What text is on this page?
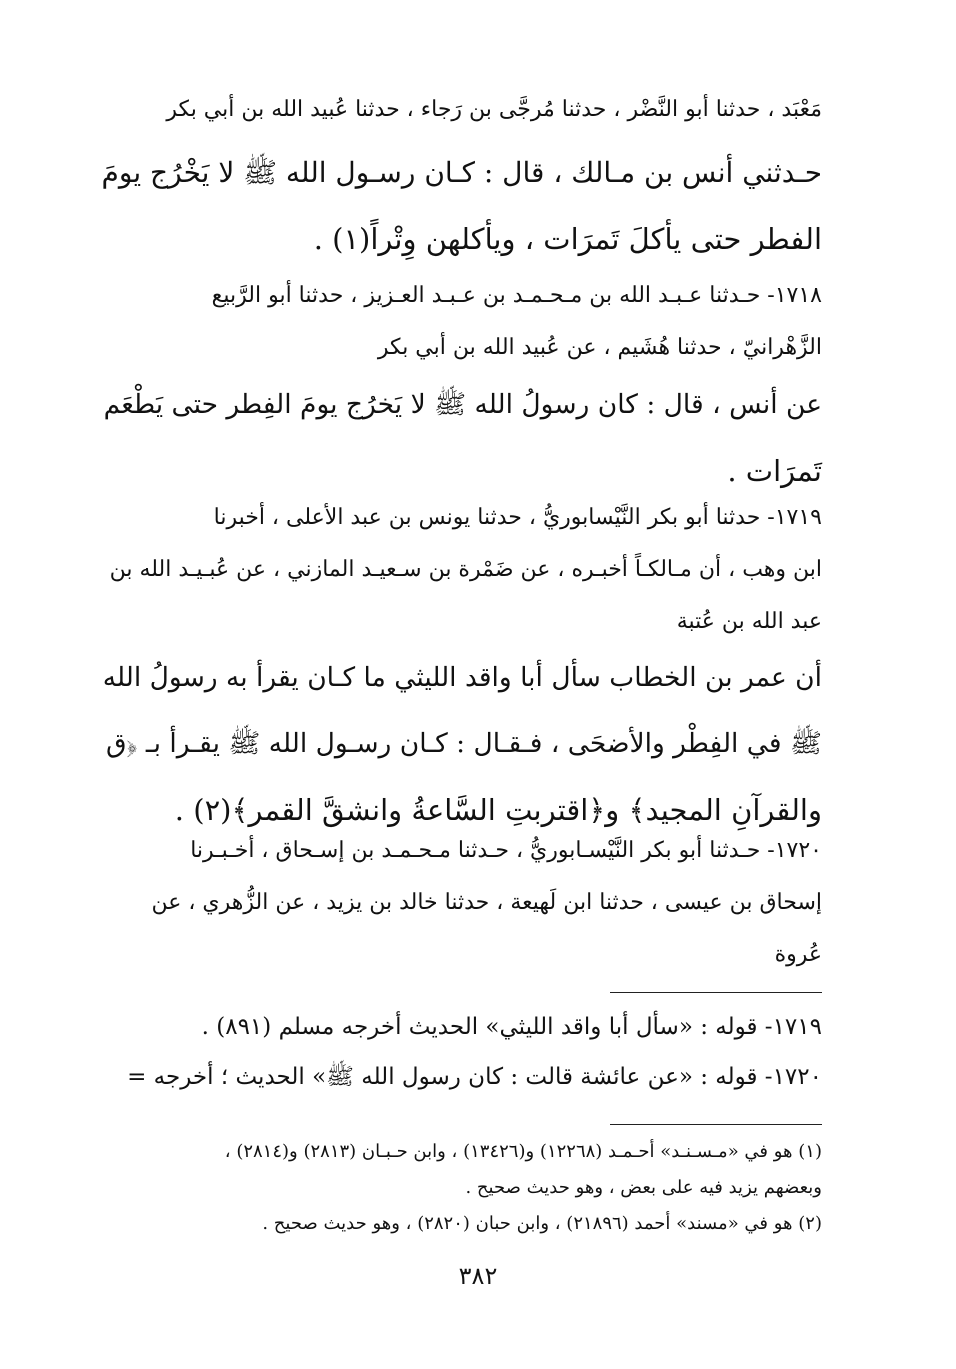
مَعْبَد ، حدثنا أبو النَّضْر ، حدثنا مُرجَّى بن رَجاء ، حدثنا عُبيد الله بن أبي بكر
حـدثني أنس بن مـالك ، قال : كـان رسـول الله ﷺ لا يَخْرُج يومَ
الفطر حتى يأكلَ تَمرَات ، ويأكلهن وِتْراً(١) .
١٧١٨- حـدثنا عـبـد الله بن مـحـمـد بن عـبـد العـزيز ، حدثنا أبو الرَّبيع
الزَّهْرانيّ ، حدثنا هُشَيم ، عن عُبيد الله بن أبي بكر
عن أنس ، قال : كان رسولُ الله ﷺ لا يَخرُج يومَ الفِطر حتى يَطْعَم
تَمرَات .
١٧١٩- حدثنا أبو بكر النَّيْسابوريُّ ، حدثنا يونس بن عبد الأعلى ، أخبرنا
ابن وهب ، أن مـالكـاً أخبـره ، عن ضَمْرة بن سـعيـد المازني ، عن عُبـيـد الله بن
عبد الله بن عُتبة
أن عمر بن الخطاب سأل أبا واقد الليثي ما كـان يقرأ به رسولُ الله
ﷺ في الفِطْر والأضحَى ، فـقـال : كـان رسـول الله ﷺ يقـرأ بـ ﴿ق
والقرآنِ المجيد﴾ و﴿اقتربتِ السَّاعةُ وانشقَّ القمر﴾(٢) .
١٧٢٠- حـدثنا أبو بكر النَّيْسـابوريُّ ، حـدثنا مـحـمـد بن إسـحاق ، أخـبـرنا
إسحاق بن عيسى ، حدثنا ابن لَهيعة ، حدثنا خالد بن يزيد ، عن الزُّهري ، عن
عُروة
١٧١٩- قوله : «سأل أبا واقد الليثي» الحديث أخرجه مسلم (٨٩١) .
١٧٢٠- قوله : «عن عائشة قالت : كان رسول الله ﷺ» الحديث ؛ أخرجه =
(١) هو في «مـسـنـد» أحـمـد (١٢٢٦٨) و(١٣٤٢٦) ، وابن حـبـان (٢٨١٣) و(٢٨١٤) ،
وبعضهم يزيد فيه على بعض ، وهو حديث صحيح .
(٢) هو في «مسند» أحمد (٢١٨٩٦) ، وابن حبان (٢٨٢٠) ، وهو حديث صحيح .
٣٨٢
